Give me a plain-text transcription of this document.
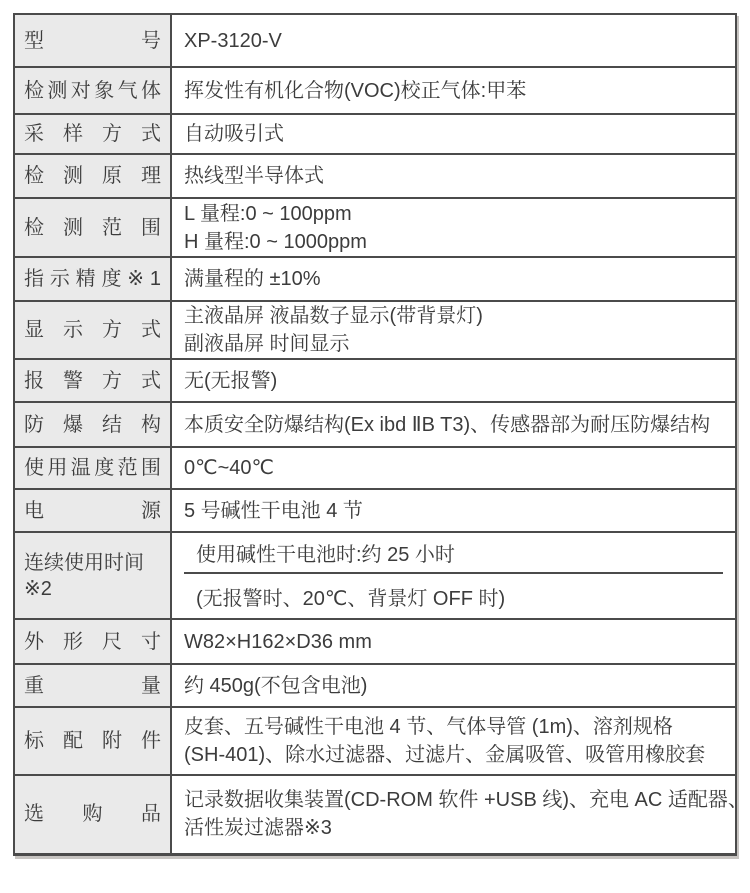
型号	XP-3120-V

检测对象气体	挥发性有机化合物(VOC)校正气体:甲苯

采样方式	自动吸引式

检测原理	热线型半导体式

检测范围	L 量程:0 ~ 100ppm
H 量程:0 ~ 1000ppm

指示精度※1	满量程的 ±10%

显示方式	主液晶屏 液晶数子显示(带背景灯)
副液晶屏 时间显示

报警方式	无(无报警)

防爆结构	本质安全防爆结构(Ex ibd ⅡB T3)、传感器部为耐压防爆结构

使用温度范围	0℃~40℃

电源	5 号碱性干电池 4 节

连续使用时间※2	使用碱性干电池时:约 25 小时
(无报警时、20℃、背景灯 OFF 时)

外形尺寸	W82×H162×D36 mm

重量	约 450g(不包含电池)

标配附件	皮套、五号碱性干电池 4 节、气体导管 (1m)、溶剂规格
(SH-401)、除水过滤器、过滤片、金属吸管、吸管用橡胶套

选购品	记录数据收集装置(CD-ROM 软件 +USB 线)、充电 AC 适配器、
活性炭过滤器※3
